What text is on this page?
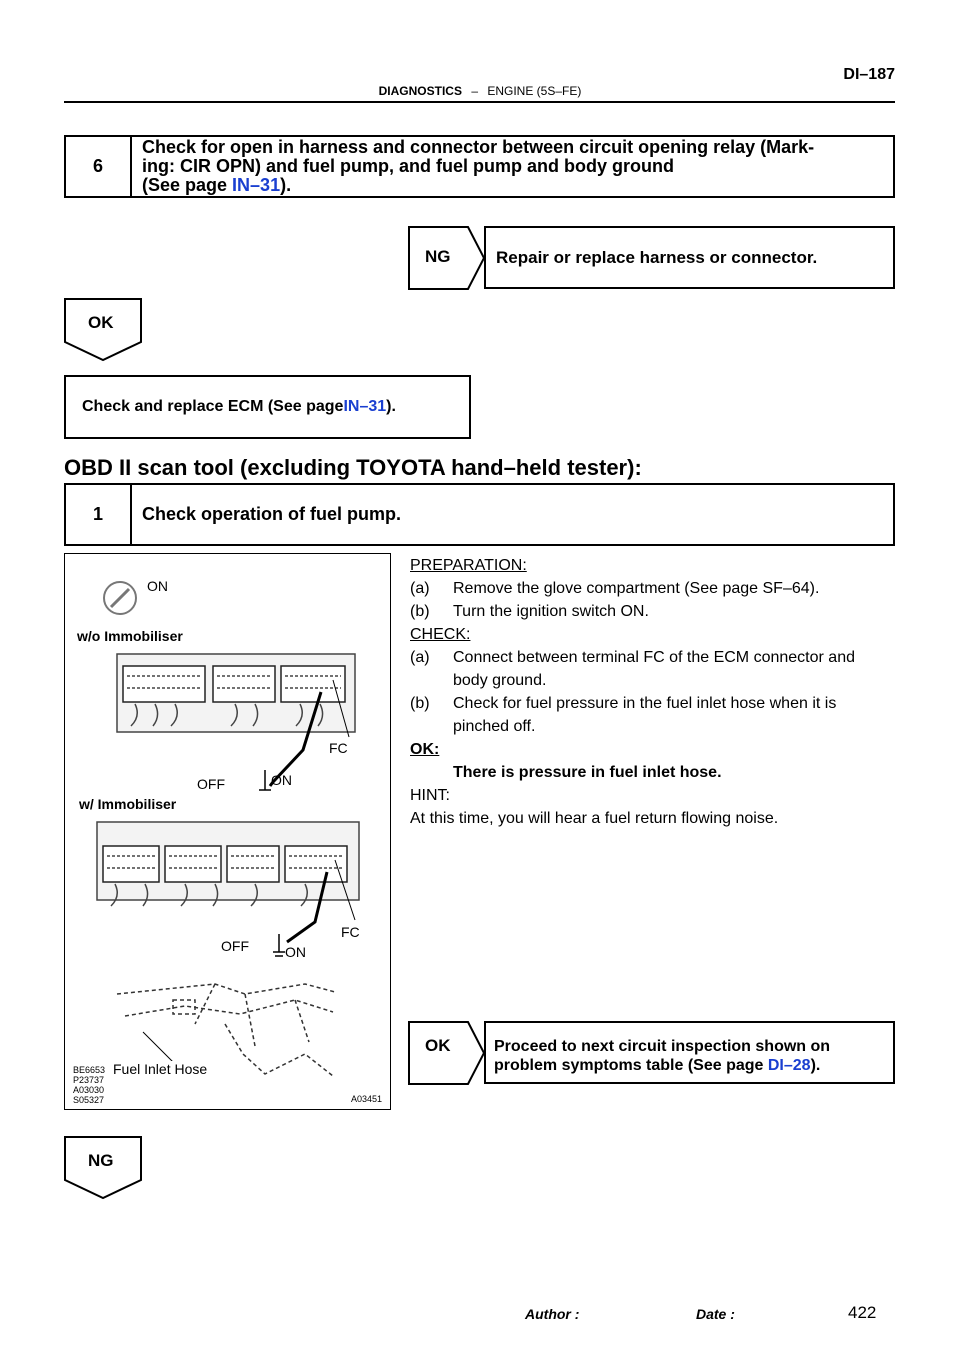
DI–187
DIAGNOSTICS – ENGINE (5S–FE)
6
Check for open in harness and connector between circuit opening relay (Mark-
ing: CIR OPN) and fuel pump, and fuel pump and body ground
(See page IN–31).
NG	Repair or replace harness or connector.
OK
Check and replace ECM (See page IN–31 ).
OBD II scan tool (excluding TOYOTA hand–held tester):
1	Check operation of fuel pump.
ON
w/o Immobiliser
FC
OFF	ON
w/ Immobiliser
FC
OFF	ON
Fuel Inlet Hose
BE6653
P23737
A03030
S05327	A03451
PREPARATION:
(a)	Remove the glove compartment (See page SF–64).
(b)	Turn the ignition switch ON.
CHECK:
(a)	Connect between terminal FC of the ECM connector and
body ground.
(b)	Check for fuel pressure in the fuel inlet hose when it is
pinched off.
OK:
There is pressure in fuel inlet hose.
HINT:
At this time, you will hear a fuel return flowing noise.
OK	Proceed to next circuit inspection shown on
problem symptoms table (See page DI–28).
NG
Author :	Date :	422
